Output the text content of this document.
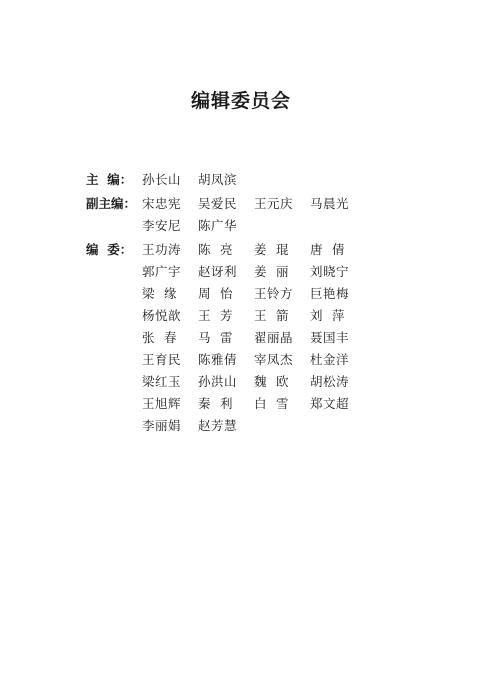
编辑委员会
主  编： 孙长山	胡凤滨
副主编： 宋忠宪	吴爱民	王元庆	马晨光
李安尼	陈广华
编  委： 王功涛	陈  亮	姜  琨	唐  倩
郭广宇	赵讶利	姜  丽	刘晓宁
梁  缘	周  怡	王铃方	巨艳梅
杨悦歆	王  芳	王  箭	刘  萍
张  春	马  雷	翟丽晶	聂国丰
王育民	陈雅倩	宰凤杰	杜金洋
梁红玉	孙洪山	魏  欧	胡松涛
王旭辉	秦  利	白  雪	郑文超
李丽娟	赵芳慧
